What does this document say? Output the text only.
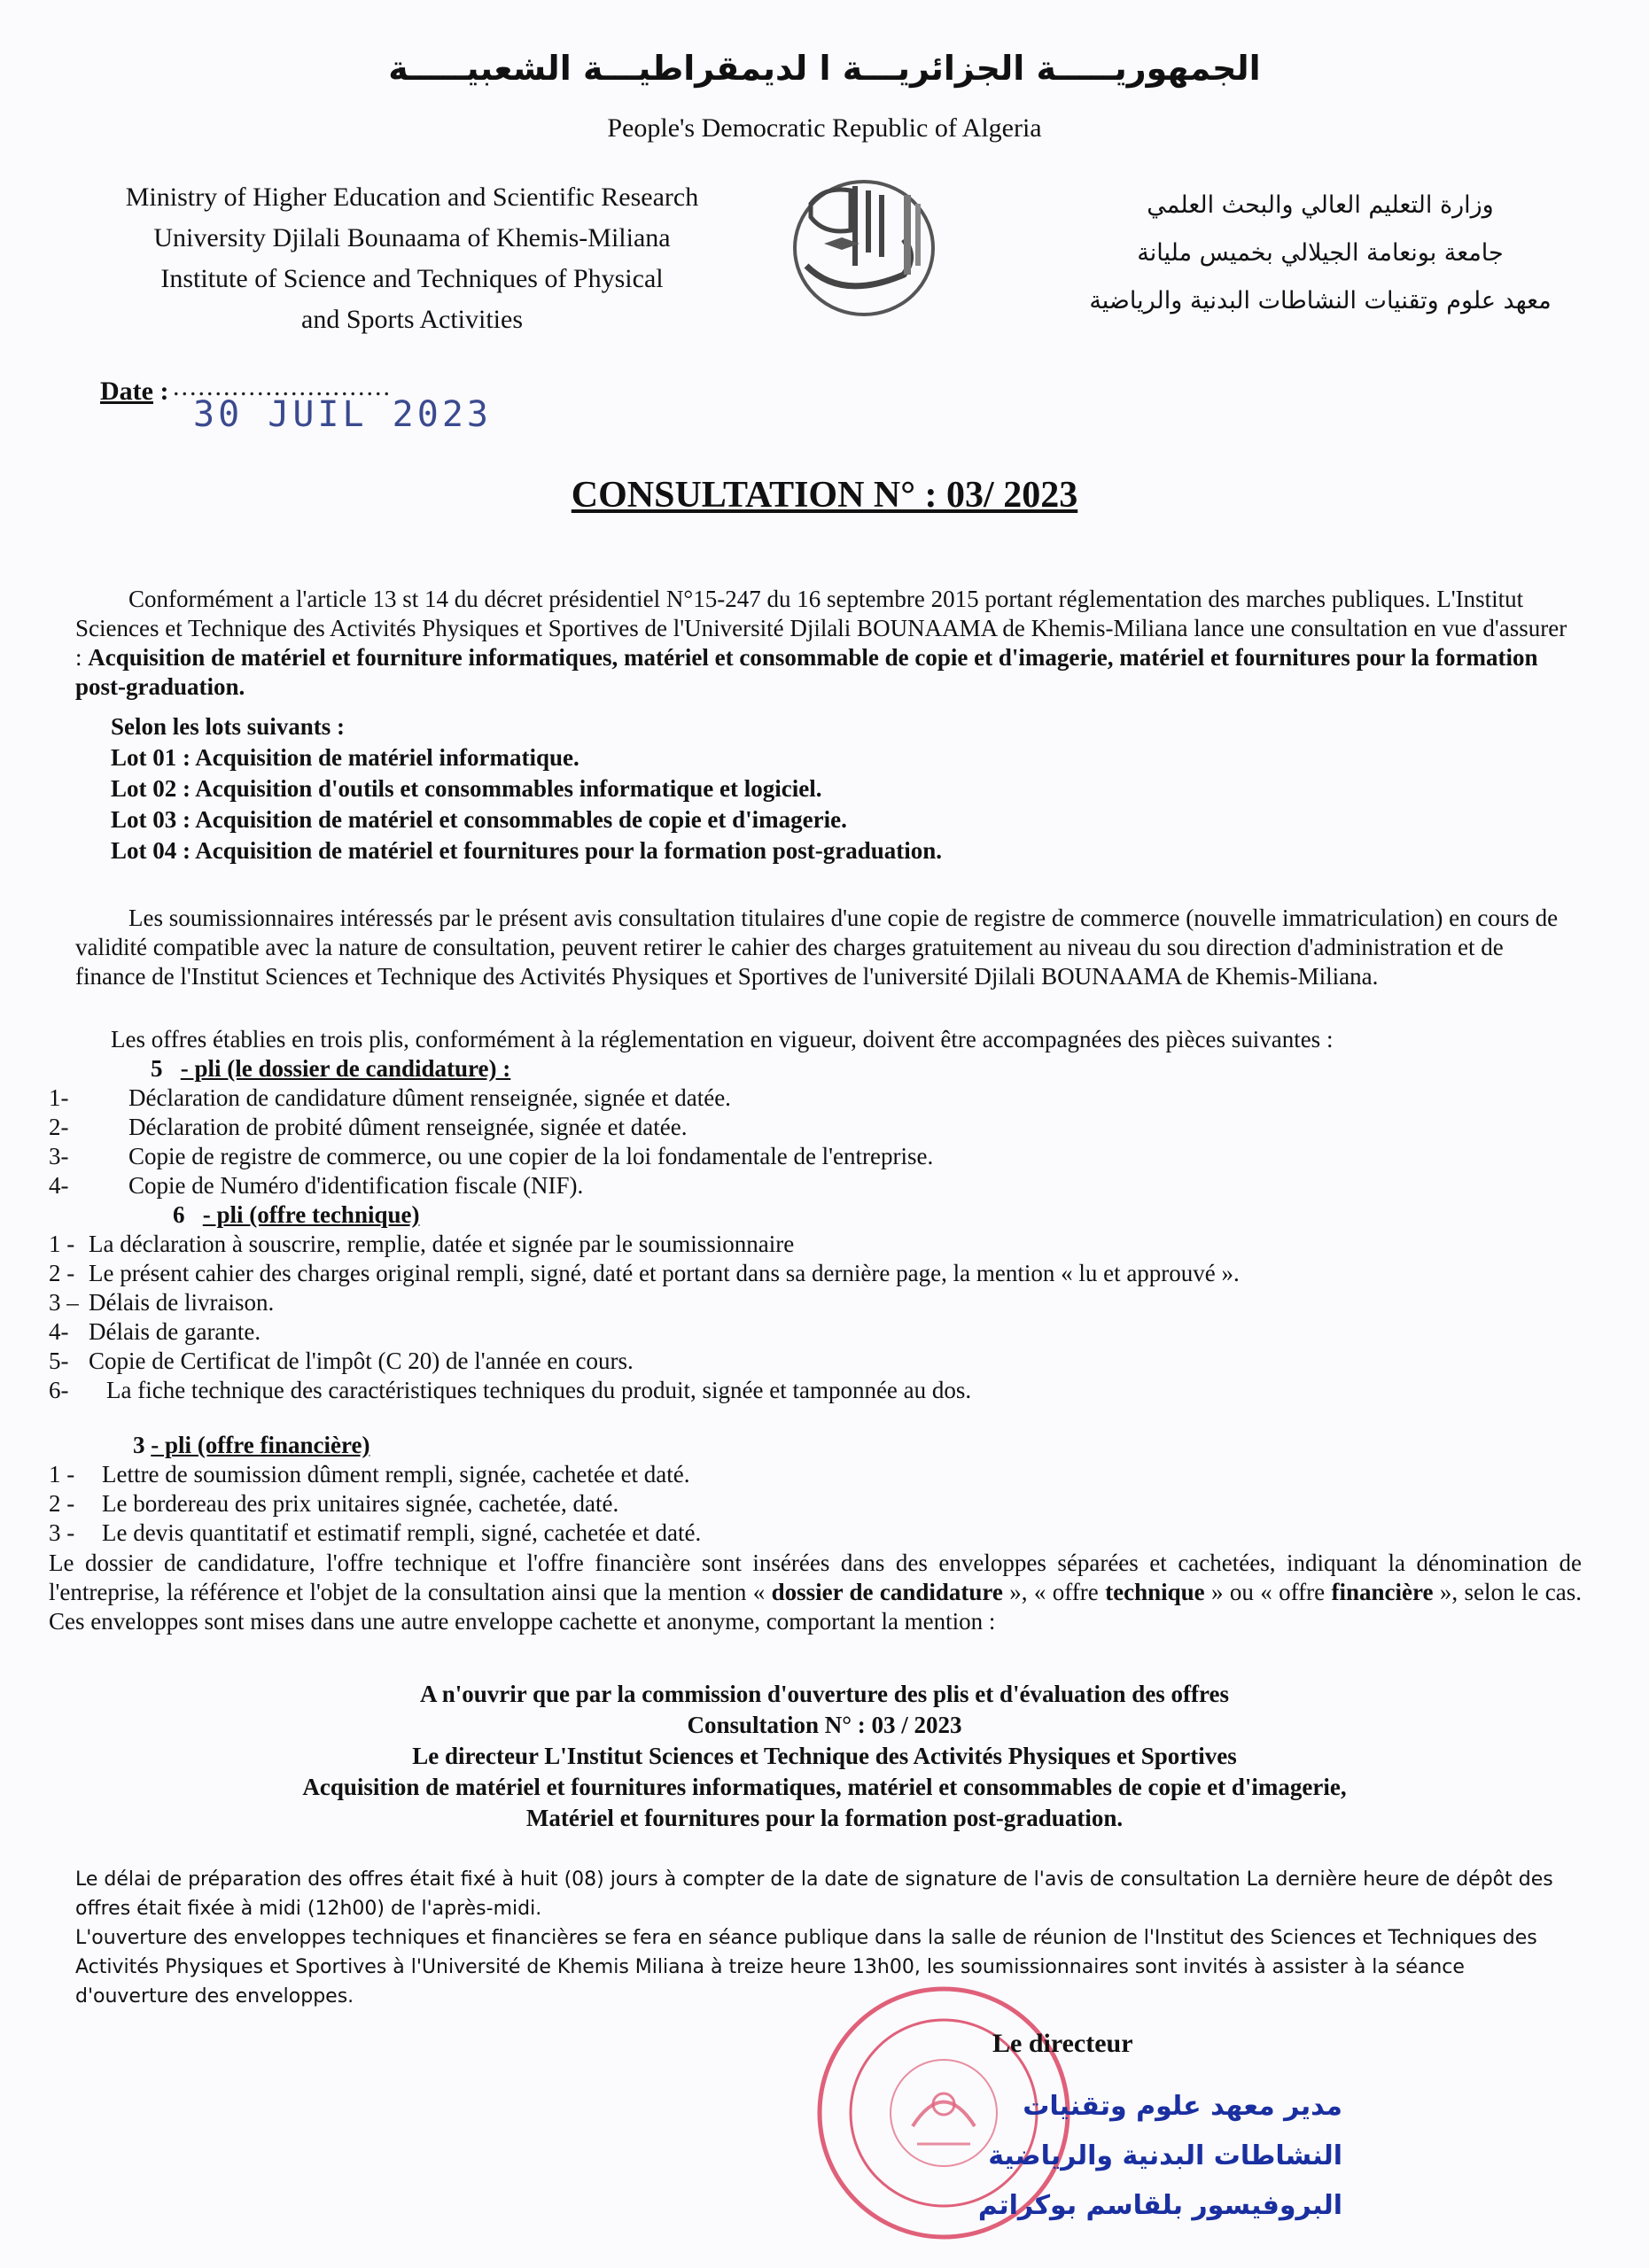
الجمهوريـــــة الجزائريـــة ا لديمقراطيـــة الشعبيـــــة
People's Democratic Republic of Algeria
Ministry of Higher Education and Scientific Research
University Djilali Bounaama of Khemis-Miliana
Institute of Science and Techniques of Physical
and Sports Activities
وزارة التعليم العالي والبحث العلمي
جامعة بونعامة الجيلالي بخميس مليانة
معهد علوم وتقنيات النشاطات البدنية والرياضية
Date : ..........................
30 JUIL 2023
CONSULTATION N° : 03/ 2023
Conformément a l'article 13 st 14 du décret présidentiel N°15-247 du 16 septembre 2015 portant réglementation des marches publiques. L'Institut Sciences et Technique des Activités Physiques et Sportives de l'Université Djilali BOUNAAMA de Khemis-Miliana lance une consultation en vue d'assurer : Acquisition de matériel et fourniture informatiques, matériel et consommable de copie et d'imagerie, matériel et fournitures pour la formation post-graduation.
Selon les lots suivants :
Lot 01 : Acquisition de matériel informatique.
Lot 02 : Acquisition d'outils et consommables informatique et logiciel.
Lot 03 : Acquisition de matériel et consommables de copie et d'imagerie.
Lot 04 : Acquisition de matériel et fournitures pour la formation post-graduation.
Les soumissionnaires intéressés par le présent avis consultation titulaires d'une copie de registre de commerce (nouvelle immatriculation) en cours de validité compatible avec la nature de consultation, peuvent retirer le cahier des charges gratuitement au niveau du sou direction d'administration et de finance de l'Institut Sciences et Technique des Activités Physiques et Sportives de l'université Djilali BOUNAAMA de Khemis-Miliana.
Les offres établies en trois plis, conformément à la réglementation en vigueur, doivent être accompagnées des pièces suivantes :
5 - pli (le dossier de candidature) :
1-	Déclaration de candidature dûment renseignée, signée et datée.
2-	Déclaration de probité dûment renseignée, signée et datée.
3-	Copie de registre de commerce, ou une copier de la loi fondamentale de l'entreprise.
4-	Copie de Numéro d'identification fiscale (NIF).
6 - pli (offre technique)
1 - La déclaration à souscrire, remplie, datée et signée par le soumissionnaire
2 - Le présent cahier des charges original rempli, signé, daté et portant dans sa dernière page, la mention « lu et approuvé ».
3 – Délais de livraison.
4- Délais de garante.
5- Copie de Certificat de l'impôt (C 20) de l'année en cours.
6-	La fiche technique des caractéristiques techniques du produit, signée et tamponnée au dos.
3 - pli (offre financière)
1 -	Lettre de soumission dûment rempli, signée, cachetée et daté.
2 -	Le bordereau des prix unitaires signée, cachetée, daté.
3 -	Le devis quantitatif et estimatif rempli, signé, cachetée et daté.
Le dossier de candidature, l'offre technique et l'offre financière sont insérées dans des enveloppes séparées et cachetées, indiquant la dénomination de l'entreprise, la référence et l'objet de la consultation ainsi que la mention « dossier de candidature », « offre technique » ou « offre financière », selon le cas. Ces enveloppes sont mises dans une autre enveloppe cachette et anonyme, comportant la mention :
A n'ouvrir que par la commission d'ouverture des plis et d'évaluation des offres
Consultation N° : 03 / 2023
Le directeur L'Institut Sciences et Technique des Activités Physiques et Sportives
Acquisition de matériel et fournitures informatiques, matériel et consommables de copie et d'imagerie,
Matériel et fournitures pour la formation post-graduation.
Le délai de préparation des offres était fixé à huit (08) jours à compter de la date de signature de l'avis de consultation La dernière heure de dépôt des offres était fixée à midi (12h00) de l'après-midi.
L'ouverture des enveloppes techniques et financières se fera en séance publique dans la salle de réunion de l'Institut des Sciences et Techniques des Activités Physiques et Sportives à l'Université de Khemis Miliana à treize heure 13h00, les soumissionnaires sont invités à assister à la séance d'ouverture des enveloppes.
Le directeur
مدير معهد علوم وتقنيات
النشاطات البدنية والرياضية
البروفيسور بلقاسم بوكراتم
